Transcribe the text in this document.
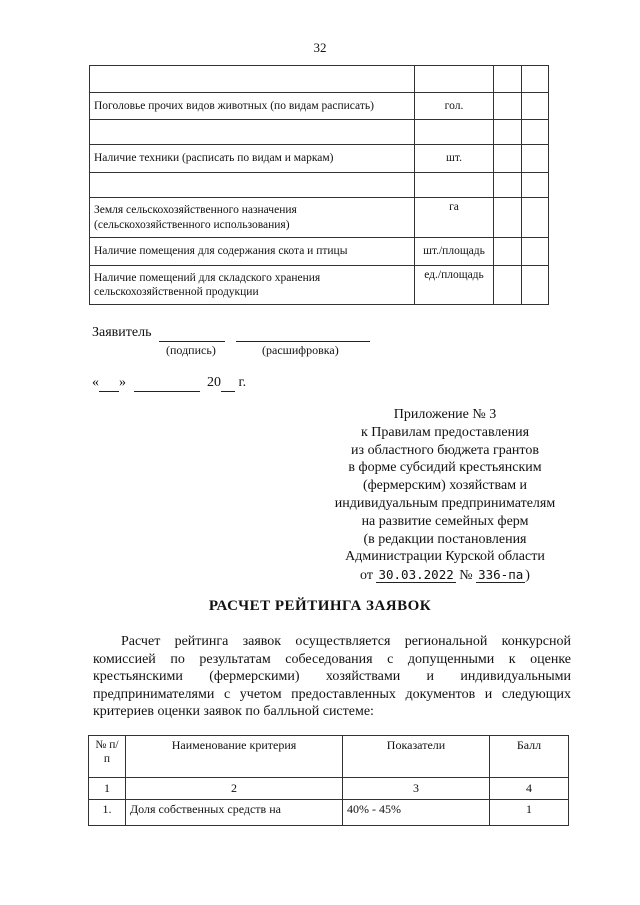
32

Поголовье прочих видов животных (по видам расписать)	гол.		

Наличие техники (расписать по видам и маркам)	шт.		

Земля сельскохозяйственного назначения
(сельскохозяйственного использования)	га		
Наличие помещения для содержания скота и птицы	шт./площадь		

Наличие помещений для складского хранения
сельскохозяйственной продукции	ед./площадь		
Заявитель
(подпись)	(расшифровка)
« »	20 г.
Приложение № 3
к Правилам предоставления
из областного бюджета грантов
в форме субсидий крестьянским
(фермерским) хозяйствам и
индивидуальным предпринимателям
на развитие семейных ферм
(в редакции постановления
Администрации Курской области
от 30.03.2022 № 336-па )
РАСЧЕТ РЕЙТИНГА ЗАЯВОК
Расчет рейтинга заявок осуществляется региональной конкурсной комиссией по результатам собеседования с допущенными к оценке крестьянскими (фермерскими) хозяйствами и индивидуальными предпринимателями с учетом предоставленных документов и следующих критериев оценки заявок по балльной системе:
№ п/п	Наименование критерия	Показатели	Балл
1	2	3	4
1.	Доля собственных средств на	40% - 45%	1
